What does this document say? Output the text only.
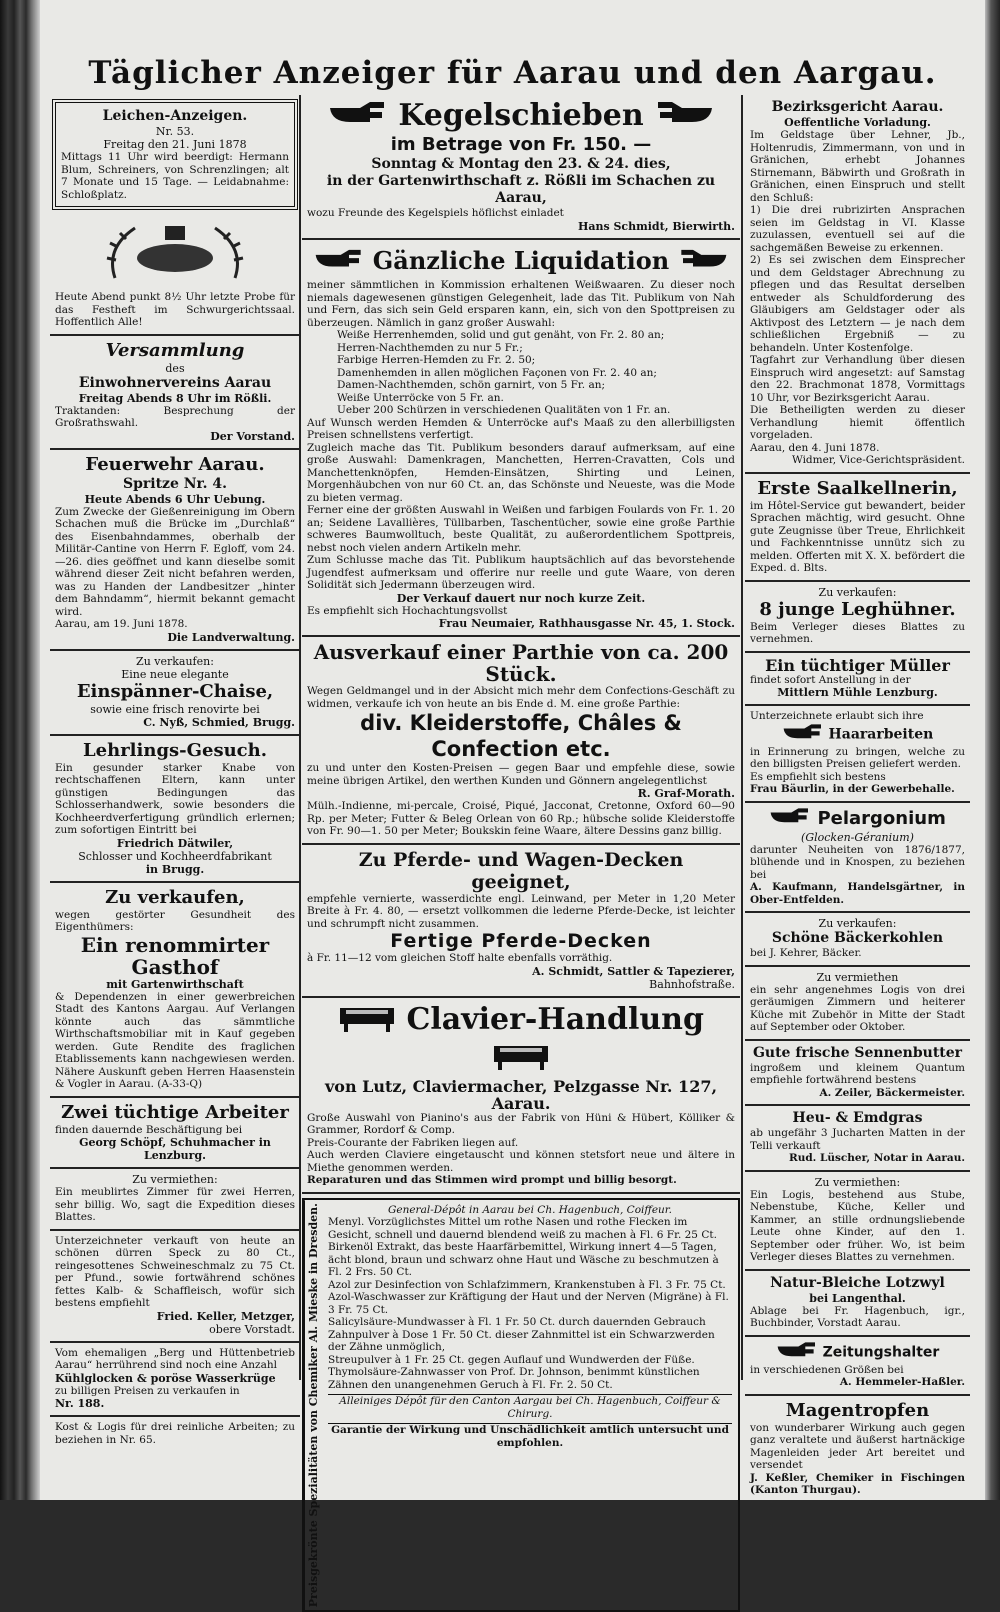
Täglicher Anzeiger für Aarau und den Aargau.
Leichen-Anzeigen.
Nr. 53.
Freitag den 21. Juni 1878
Mittags 11 Uhr wird beerdigt: Hermann Blum, Schreiners, von Schrenzlingen; alt 7 Monate und 15 Tage. — Leidabnahme: Schloßplatz.
Heute Abend punkt 8½ Uhr letzte Probe für das Festheft im Schwurgerichtssaal. Hoffentlich Alle!
Versammlung
des
Einwohnervereins Aarau
Freitag Abends 8 Uhr im Rößli.
Traktanden: Besprechung der Großrathswahl.
Der Vorstand.
Feuerwehr Aarau.
Spritze Nr. 4.
Heute Abends 6 Uhr Uebung.
Zum Zwecke der Gießenreinigung im Obern Schachen muß die Brücke im „Durchlaß“ des Eisenbahndammes, oberhalb der Militär-Cantine von Herrn F. Egloff, vom 24.—26. dies geöffnet und kann dieselbe somit während dieser Zeit nicht befahren werden, was zu Handen der Landbesitzer „hinter dem Bahndamm“, hiermit bekannt gemacht wird.
Aarau, am 19. Juni 1878.
Die Landverwaltung.
Zu verkaufen:
Eine neue elegante
Einspänner-Chaise,
sowie eine frisch renovirte bei
C. Nyß, Schmied, Brugg.
Lehrlings-Gesuch.
Ein gesunder starker Knabe von rechtschaffenen Eltern, kann unter günstigen Bedingungen das Schlosserhandwerk, sowie besonders die Kochheerdverfertigung gründlich erlernen; zum sofortigen Eintritt bei
Friedrich Dätwiler,
Schlosser und Kochheerdfabrikant
in Brugg.
Zu verkaufen,
wegen gestörter Gesundheit des Eigenthümers:
Ein renommirter Gasthof
mit Gartenwirthschaft
& Dependenzen in einer gewerbreichen Stadt des Kantons Aargau. Auf Verlangen könnte auch das sämmtliche Wirthschaftsmobiliar mit in Kauf gegeben werden. Gute Rendite des fraglichen Etablissements kann nachgewiesen werden. Nähere Auskunft geben Herren Haasenstein & Vogler in Aarau. (A-33-Q)
Zwei tüchtige Arbeiter
finden dauernde Beschäftigung bei
Georg Schöpf, Schuhmacher in Lenzburg.
Zu vermiethen:
Ein meublirtes Zimmer für zwei Herren, sehr billig. Wo, sagt die Expedition dieses Blattes.
Unterzeichneter verkauft von heute an schönen dürren Speck zu 80 Ct., reingesottenes Schweineschmalz zu 75 Ct. per Pfund., sowie fortwährend schönes fettes Kalb- & Schaffleisch, wofür sich bestens empfiehlt
Fried. Keller, Metzger,
obere Vorstadt.
Vom ehemaligen „Berg und Hüttenbetrieb Aarau“ herrührend sind noch eine Anzahl
Kühlglocken & poröse Wasserkrüge
zu billigen Preisen zu verkaufen in
Nr. 188.
Kost & Logis für drei reinliche Arbeiten; zu beziehen in Nr. 65.
Kegelschieben
im Betrage von Fr. 150. —
Sonntag & Montag den 23. & 24. dies,
in der Gartenwirthschaft z. Rößli im Schachen zu Aarau,
wozu Freunde des Kegelspiels höflichst einladet
Hans Schmidt, Bierwirth.
Gänzliche Liquidation
meiner sämmtlichen in Kommission erhaltenen Weißwaaren. Zu dieser noch niemals dagewesenen günstigen Gelegenheit, lade das Tit. Publikum von Nah und Fern, das sich sein Geld ersparen kann, ein, sich von den Spottpreisen zu überzeugen. Nämlich in ganz großer Auswahl:
Weiße Herrenhemden, solid und gut genäht, von Fr. 2. 80 an;
Herren-Nachthemden zu nur 5 Fr.;
Farbige Herren-Hemden zu Fr. 2. 50;
Damenhemden in allen möglichen Façonen von Fr. 2. 40 an;
Damen-Nachthemden, schön garnirt, von 5 Fr. an;
Weiße Unterröcke von 5 Fr. an.
Ueber 200 Schürzen in verschiedenen Qualitäten von 1 Fr. an.
Auf Wunsch werden Hemden & Unterröcke auf's Maaß zu den allerbilligsten Preisen schnellstens verfertigt.
Zugleich mache das Tit. Publikum besonders darauf aufmerksam, auf eine große Auswahl: Damenkragen, Manchetten, Herren-Cravatten, Cols und Manchettenknöpfen, Hemden-Einsätzen, Shirting und Leinen, Morgenhäubchen von nur 60 Ct. an, das Schönste und Neueste, was die Mode zu bieten vermag.
Ferner eine der größten Auswahl in Weißen und farbigen Foulards von Fr. 1. 20 an; Seidene Lavallières, Tüllbarben, Taschentücher, sowie eine große Parthie schweres Baumwolltuch, beste Qualität, zu außerordentlichem Spottpreis, nebst noch vielen andern Artikeln mehr.
Zum Schlusse mache das Tit. Publikum hauptsächlich auf das bevorstehende Jugendfest aufmerksam und offerire nur reelle und gute Waare, von deren Solidität sich Jedermann überzeugen wird.
Der Verkauf dauert nur noch kurze Zeit.
Es empfiehlt sich Hochachtungsvollst
Frau Neumaier, Rathhausgasse Nr. 45, 1. Stock.
Ausverkauf einer Parthie von ca. 200 Stück.
Wegen Geldmangel und in der Absicht mich mehr dem Confections-Geschäft zu widmen, verkaufe ich von heute an bis Ende d. M. eine große Parthie:
div. Kleiderstoffe, Châles & Confection etc.
zu und unter den Kosten-Preisen — gegen Baar und empfehle diese, sowie meine übrigen Artikel, den werthen Kunden und Gönnern angelegentlichst
R. Graf-Morath.
Mülh.-Indienne, mi-percale, Croisé, Piqué, Jacconat, Cretonne, Oxford 60—90 Rp. per Meter; Futter & Beleg Orlean von 60 Rp.; hübsche solide Kleiderstoffe von Fr. 90—1. 50 per Meter; Boukskin feine Waare, ältere Dessins ganz billig.
Zu Pferde- und Wagen-Decken geeignet,
empfehle vernierte, wasserdichte engl. Leinwand, per Meter in 1,20 Meter Breite à Fr. 4. 80, — ersetzt vollkommen die lederne Pferde-Decke, ist leichter und schrumpft nicht zusammen.
Fertige Pferde-Decken
à Fr. 11—12 vom gleichen Stoff halte ebenfalls vorräthig.
A. Schmidt, Sattler & Tapezierer,
Bahnhofstraße.
Clavier-Handlung
von Lutz, Claviermacher, Pelzgasse Nr. 127, Aarau.
Große Auswahl von Pianino's aus der Fabrik von Hüni & Hübert, Kölliker & Grammer, Rordorf & Comp.
Preis-Courante der Fabriken liegen auf.
Auch werden Claviere eingetauscht und können stetsfort neue und ältere in Miethe genommen werden.
Reparaturen und das Stimmen wird prompt und billig besorgt.
Preisgekrönte Spezialitäten von Chemiker Al. Mieske in Dresden.	General-Dépôt in Aarau bei Ch. Hagenbuch, Coiffeur.
Menyl. Vorzüglichstes Mittel um rothe Nasen und rothe Flecken im Gesicht, schnell und dauernd blendend weiß zu machen à Fl. 6 Fr. 25 Ct.
Birkenöl Extrakt, das beste Haarfärbemittel, Wirkung innert 4—5 Tagen, ächt blond, braun und schwarz ohne Haut und Wäsche zu beschmutzen à Fl. 2 Frs. 50 Ct.
Azol zur Desinfection von Schlafzimmern, Krankenstuben à Fl. 3 Fr. 75 Ct.
Azol-Waschwasser zur Kräftigung der Haut und der Nerven (Migräne) à Fl. 3 Fr. 75 Ct.
Salicylsäure-Mundwasser à Fl. 1 Fr. 50 Ct. durch dauernden Gebrauch
Zahnpulver à Dose 1 Fr. 50 Ct. dieser Zahnmittel ist ein Schwarzwerden der Zähne unmöglich,
Streupulver à 1 Fr. 25 Ct. gegen Auflauf und Wundwerden der Füße.
Thymolsäure-Zahnwasser von Prof. Dr. Johnson, benimmt künstlichen Zähnen den unangenehmen Geruch à Fl. Fr. 2. 50 Ct.
Alleiniges Dépôt für den Canton Aargau bei Ch. Hagenbuch, Coiffeur & Chirurg.
Garantie der Wirkung und Unschädlichkeit amtlich untersucht und empfohlen.
Bezirksgericht Aarau.
Oeffentliche Vorladung.
Im Geldstage über Lehner, Jb., Holtenrudis, Zimmermann, von und in Gränichen, erhebt Johannes Stirnemann, Bäbwirth und Großrath in Gränichen, einen Einspruch und stellt den Schluß:
1) Die drei rubrizirten Ansprachen seien im Geldstag in VI. Klasse zuzulassen, eventuell sei auf die sachgemäßen Beweise zu erkennen.
2) Es sei zwischen dem Einsprecher und dem Geldstager Abrechnung zu pflegen und das Resultat derselben entweder als Schuldforderung des Gläubigers am Geldstager oder als Aktivpost des Letztern — je nach dem schließlichen Ergebniß — zu behandeln. Unter Kostenfolge.
Tagfahrt zur Verhandlung über diesen Einspruch wird angesetzt: auf Samstag den 22. Brachmonat 1878, Vormittags 10 Uhr, vor Bezirksgericht Aarau.
Die Betheiligten werden zu dieser Verhandlung hiemit öffentlich vorgeladen.
Aarau, den 4. Juni 1878.
Widmer, Vice-Gerichtspräsident.
Erste Saalkellnerin,
im Hôtel-Service gut bewandert, beider Sprachen mächtig, wird gesucht. Ohne gute Zeugnisse über Treue, Ehrlichkeit und Fachkenntnisse unnütz sich zu melden. Offerten mit X. X. befördert die Exped. d. Blts.
Zu verkaufen:
8 junge Leghühner.
Beim Verleger dieses Blattes zu vernehmen.
Ein tüchtiger Müller
findet sofort Anstellung in der
Mittlern Mühle Lenzburg.
Unterzeichnete erlaubt sich ihre
Haararbeiten
in Erinnerung zu bringen, welche zu den billigsten Preisen geliefert werden.
Es empfiehlt sich bestens
Frau Bäurlin, in der Gewerbehalle.
Pelargonium
(Glocken-Géranium)
darunter Neuheiten von 1876/1877, blühende und in Knospen, zu beziehen bei
A. Kaufmann, Handelsgärtner, in Ober-Entfelden.
Zu verkaufen:
Schöne Bäckerkohlen
bei J. Kehrer, Bäcker.
Zu vermiethen
ein sehr angenehmes Logis von drei geräumigen Zimmern und heiterer Küche mit Zubehör in Mitte der Stadt auf September oder Oktober.
Gute frische Sennenbutter
ingroßem und kleinem Quantum empfiehle fortwährend bestens
A. Zeiler, Bäckermeister.
Heu- & Emdgras
ab ungefähr 3 Jucharten Matten in der Telli verkauft
Rud. Lüscher, Notar in Aarau.
Zu vermiethen:
Ein Logis, bestehend aus Stube, Nebenstube, Küche, Keller und Kammer, an stille ordnungsliebende Leute ohne Kinder, auf den 1. September oder früher. Wo, ist beim Verleger dieses Blattes zu vernehmen.
Natur-Bleiche Lotzwyl
bei Langenthal.
Ablage bei Fr. Hagenbuch, igr., Buchbinder, Vorstadt Aarau.
Zeitungshalter
in verschiedenen Größen bei
A. Hemmeler-Haßler.
Magentropfen
von wunderbarer Wirkung auch gegen ganz veraltete und äußerst hartnäckige Magenleiden jeder Art bereitet und versendet
J. Keßler, Chemiker in Fischingen (Kanton Thurgau).
